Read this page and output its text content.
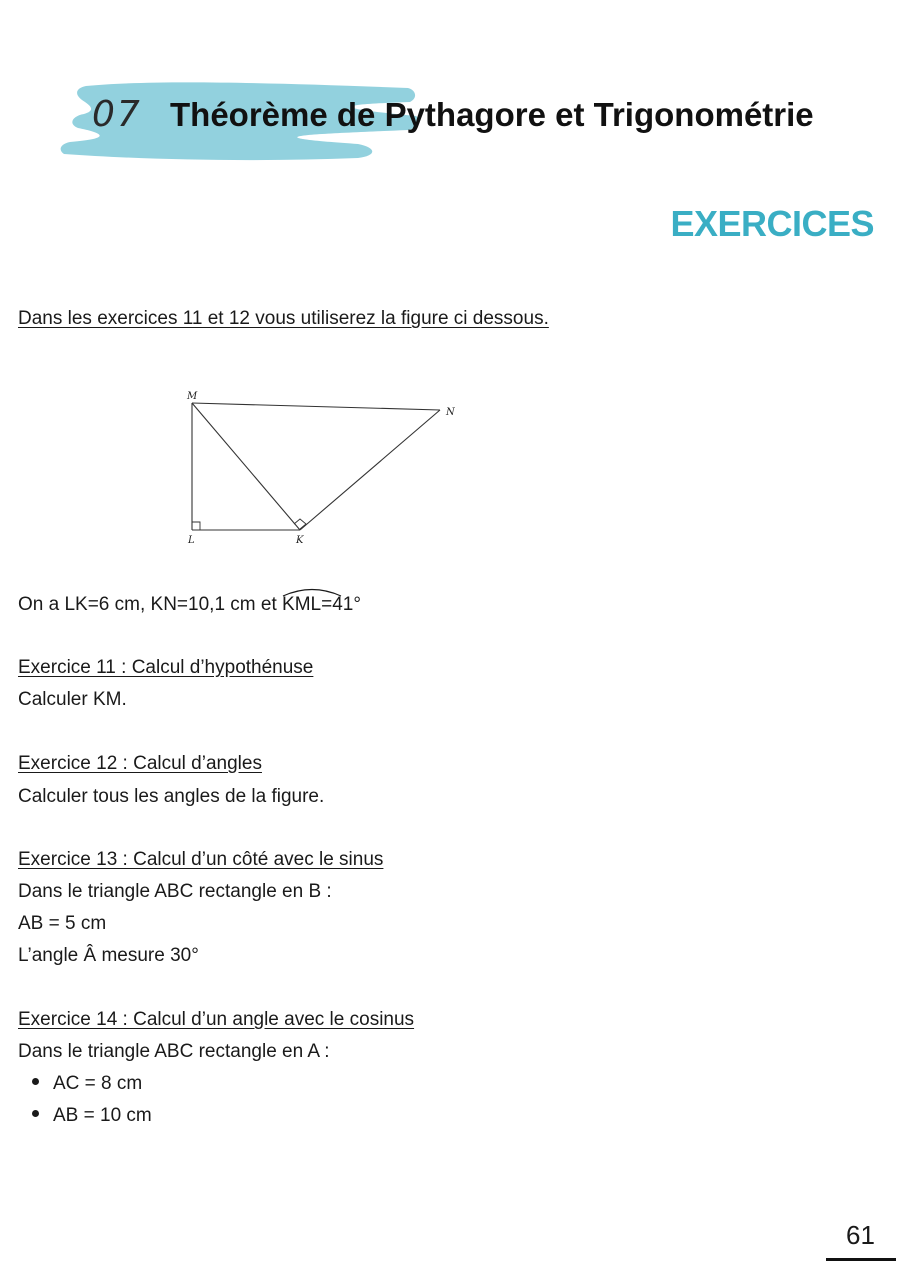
07 Théorème de Pythagore et Trigonométrie
EXERCICES
Dans les exercices 11 et 12 vous utiliserez la figure ci dessous.
M
N
L	K
On a LK=6 cm, KN=10,1 cm et
KML=41°
Exercice 11 : Calcul d’hypothénuse
Calculer KM.
Exercice 12 : Calcul d’angles
Calculer tous les angles de la figure.
Exercice 13 : Calcul d’un côté avec le sinus
Dans le triangle ABC rectangle en B :
AB = 5 cm
L’angle Â mesure 30°
Exercice 14 : Calcul d’un angle avec le cosinus
Dans le triangle ABC rectangle en A :
AC = 8 cm
AB = 10 cm
61
